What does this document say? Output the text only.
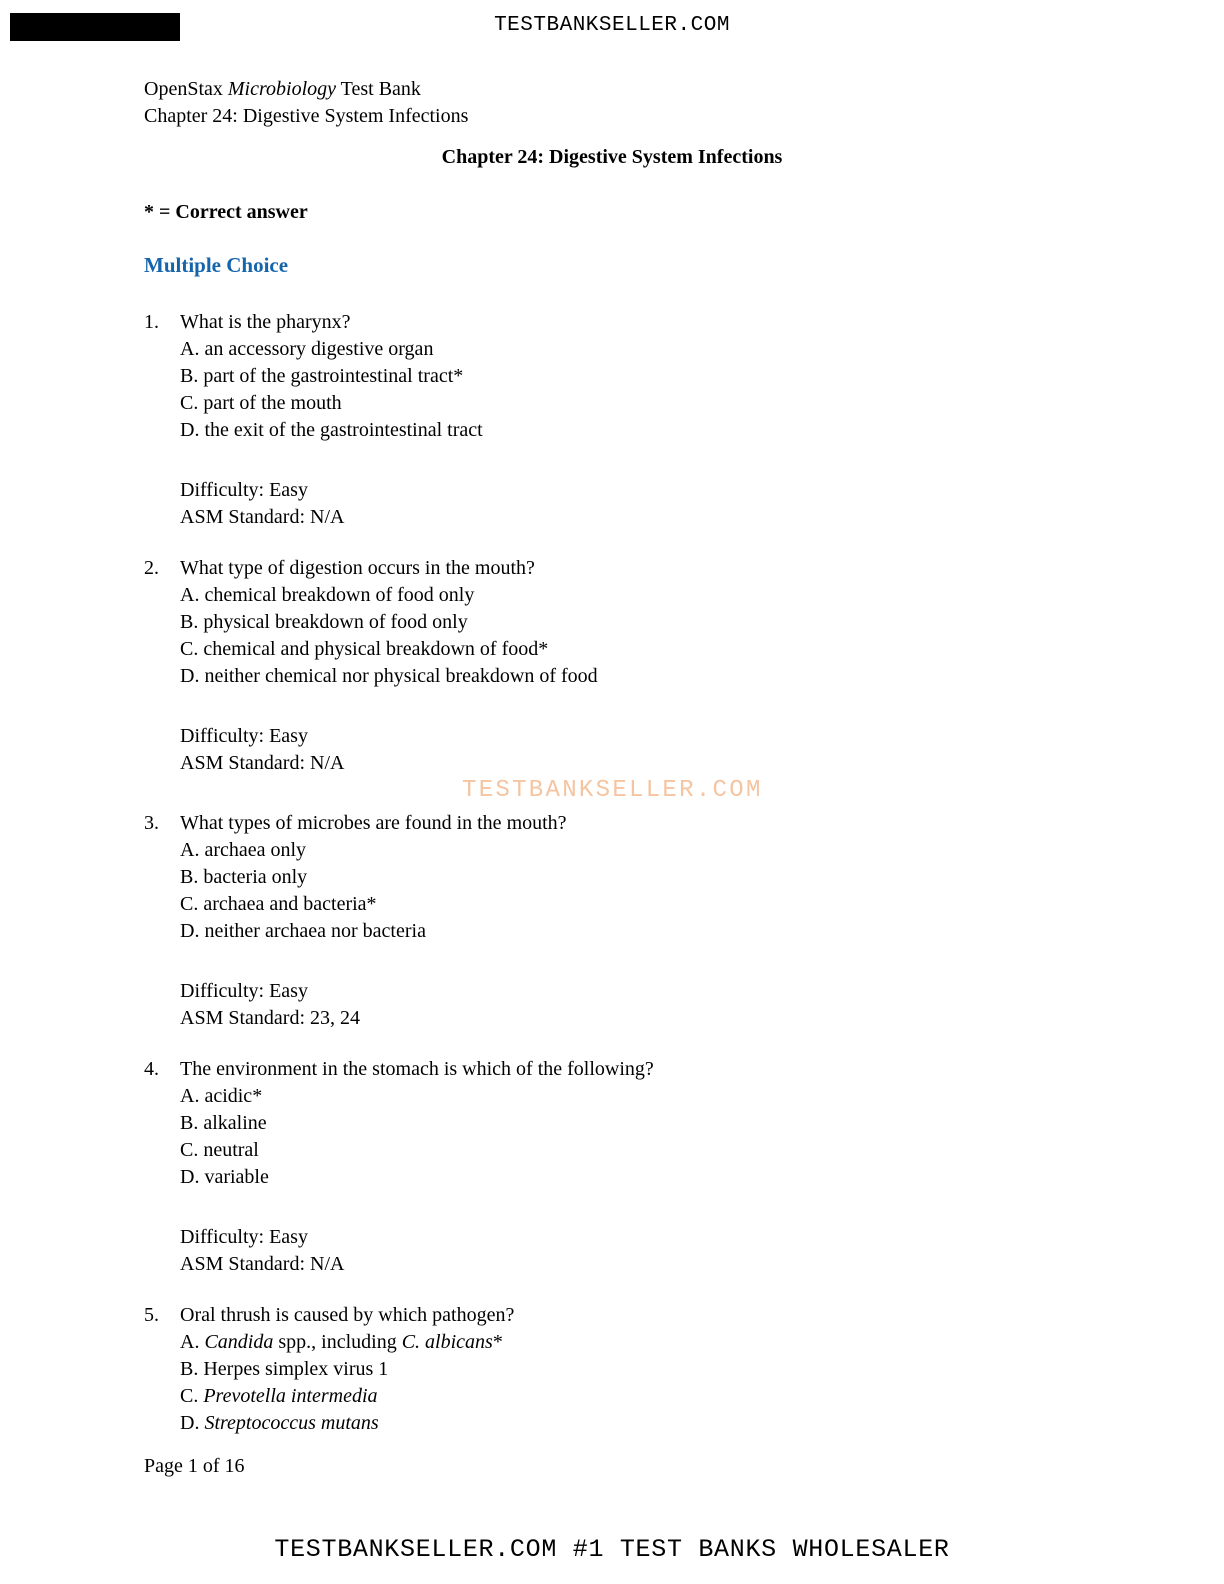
TESTBANKSELLER.COM
OpenStax Microbiology Test Bank
Chapter 24: Digestive System Infections
Chapter 24: Digestive System Infections
* = Correct answer
Multiple Choice
1.	What is the pharynx?
A. an accessory digestive organ
B. part of the gastrointestinal tract*
C. part of the mouth
D. the exit of the gastrointestinal tract
Difficulty: Easy
ASM Standard: N/A
2.	What type of digestion occurs in the mouth?
A. chemical breakdown of food only
B. physical breakdown of food only
C. chemical and physical breakdown of food*
D. neither chemical nor physical breakdown of food
Difficulty: Easy
ASM Standard: N/A
3.	What types of microbes are found in the mouth?
A. archaea only
B. bacteria only
C. archaea and bacteria*
D. neither archaea nor bacteria
Difficulty: Easy
ASM Standard: 23, 24
4.	The environment in the stomach is which of the following?
A. acidic*
B. alkaline
C. neutral
D. variable
Difficulty: Easy
ASM Standard: N/A
5.	Oral thrush is caused by which pathogen?
A. Candida spp., including C. albicans*
B. Herpes simplex virus 1
C. Prevotella intermedia
D. Streptococcus mutans
TESTBANKSELLER.COM
Page 1 of 16
TESTBANKSELLER.COM #1 TEST BANKS WHOLESALER
